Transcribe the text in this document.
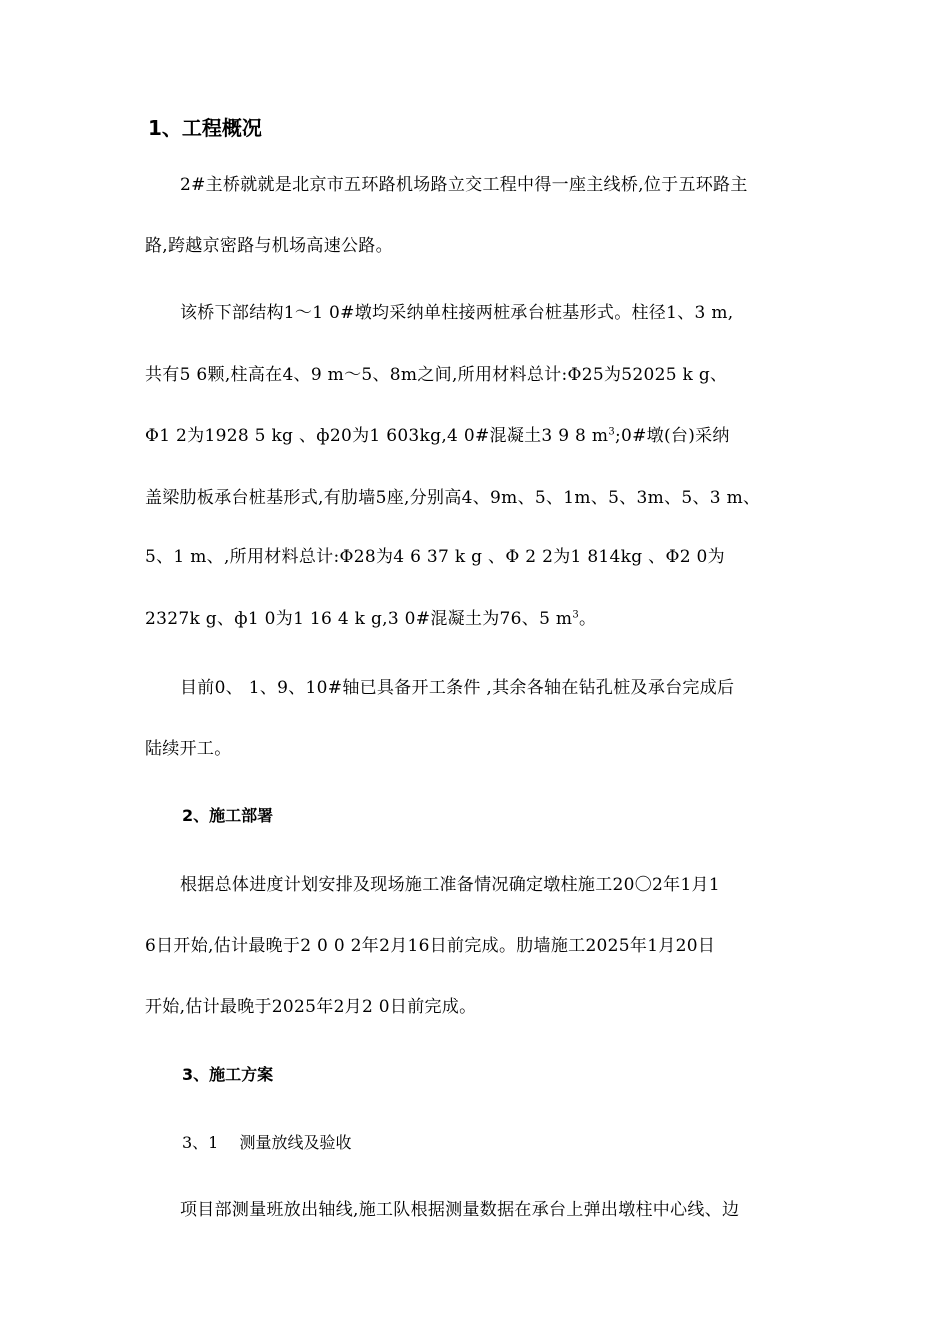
1、工程概况
2#主桥就就是北京市五环路机场路立交工程中得一座主线桥,位于五环路主
路,跨越京密路与机场高速公路。
该桥下部结构1～1 0#墩均采纳单柱接两桩承台桩基形式。柱径1、3 m,
共有5 6颗,柱高在4、9 m～5、8m之间,所用材料总计:Φ25为52025 k g、
Φ1 2为1928 5 kg 、ф20为1 603kg,4 0#混凝土3 9 8 $m^3;0\#$墩(台)采纳
盖梁肋板承台桩基形式,有肋墙5座,分别高4、9m、5、1m、5、3m、5、3 m、
5、1 m、,所用材料总计:Φ28为4 6 37 k g 、Φ 2 2为1 814kg 、Φ2 0为
2327k g、ф1 0为1 16 4 k g,3 0#混凝土为76、5 $m^3$。
目前0、 1、9、10#轴已具备开工条件 ,其余各轴在钻孔桩及承台完成后
陆续开工。
2、施工部署
根据总体进度计划安排及现场施工准备情况确定墩柱施工20〇2年1月1
6日开始,估计最晚于2 0 0 2年2月16日前完成。肋墙施工2025年1月20日
开始,估计最晚于2025年2月2 0日前完成。
3、施工方案
3、1　 测量放线及验收
项目部测量班放出轴线,施工队根据测量数据在承台上弹出墩柱中心线、边
